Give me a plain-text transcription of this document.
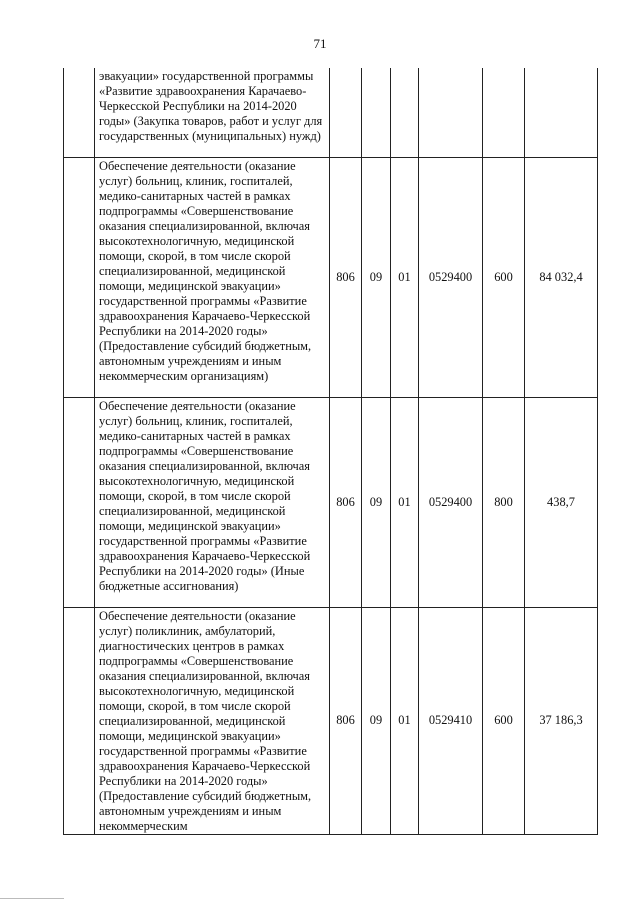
71
	эвакуации» государственной программы «Развитие здравоохранения Карачаево-Черкесской Республики на 2014-2020 годы» (Закупка товаров, работ и услуг для государственных (муниципальных) нужд)						
	Обеспечение деятельности (оказание услуг) больниц, клиник, госпиталей, медико-санитарных частей в рамках подпрограммы «Совершенствование оказания специализированной, включая высокотехнологичную, медицинской помощи, скорой, в том числе скорой специализированной, медицинской помощи, медицинской эвакуации» государственной программы «Развитие здравоохранения Карачаево-Черкесской Республики на 2014-2020 годы» (Предоставление субсидий бюджетным, автономным учреждениям и иным некоммерческим организациям)	806	09	01	0529400	600	84 032,4
	Обеспечение деятельности (оказание услуг) больниц, клиник, госпиталей, медико-санитарных частей в рамках подпрограммы «Совершенствование оказания специализированной, включая высокотехнологичную, медицинской помощи, скорой, в том числе скорой специализированной, медицинской помощи, медицинской эвакуации» государственной программы «Развитие здравоохранения Карачаево-Черкесской Республики на 2014-2020 годы» (Иные бюджетные ассигнования)	806	09	01	0529400	800	438,7
	Обеспечение деятельности (оказание услуг) поликлиник, амбулаторий, диагностических центров в рамках подпрограммы «Совершенствование оказания специализированной, включая высокотехнологичную, медицинской помощи, скорой, в том числе скорой специализированной, медицинской помощи, медицинской эвакуации» государственной программы «Развитие здравоохранения Карачаево-Черкесской Республики на 2014-2020 годы» (Предоставление субсидий бюджетным, автономным учреждениям и иным некоммерческим	806	09	01	0529410	600	37 186,3
